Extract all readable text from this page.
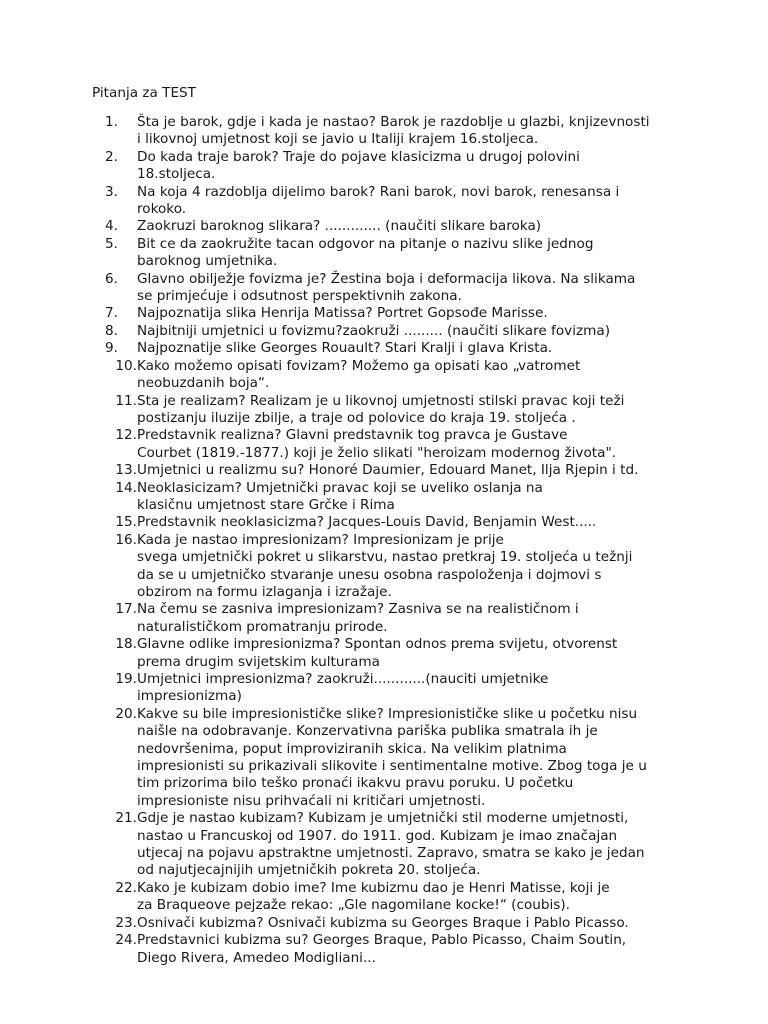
Pitanja za TEST
1.	Šta je barok, gdje i kada je nastao? Barok je razdoblje u glazbi, knjizevnosti
i likovnoj umjetnost koji se javio u Italiji krajem 16.stoljeca.
2.	Do kada traje barok? Traje do pojave klasicizma u drugoj polovini
18.stoljeca.
3.	Na koja 4 razdoblja dijelimo barok? Rani barok, novi barok, renesansa i
rokoko.
4.	Zaokruzi baroknog slikara? ............. (naučiti slikare baroka)
5.	Bit ce da zaokružite tacan odgovor na pitanje o nazivu slike jednog
baroknog umjetnika.
6.	Glavno obilježje fovizma je? Žestina boja i deformacija likova. Na slikama
se primjećuje i odsutnost perspektivnih zakona.
7.	Najpoznatija slika Henrija Matissa? Portret Gopsođe Marisse.
8.	Najbitniji umjetnici u fovizmu?zaokruži ......... (naučiti slikare fovizma)
9.	Najpoznatije slike Georges Rouault? Stari Kralji i glava Krista.
10. Kako možemo opisati fovizam? Možemo ga opisati kao „vatromet
neobuzdanih boja“.
11. Sta je realizam? Realizam je u likovnoj umjetnosti stilski pravac koji teži
postizanju iluzije zbilje, a traje od polovice do kraja 19. stoljeća .
12. Predstavnik realizna? Glavni predstavnik tog pravca je Gustave
Courbet (1819.-1877.) koji je želio slikati "heroizam modernog života".
13. Umjetnici u realizmu su? Honoré Daumier, Edouard Manet, Ilja Rjepin i td.
14. Neoklasicizam? Umjetnički pravac koji se uveliko oslanja na
klasičnu umjetnost stare Grčke i Rima
15. Predstavnik neoklasicizma? Jacques-Louis David, Benjamin West.....
16. Kada je nastao impresionizam? Impresionizam je prije
svega umjetnički pokret u slikarstvu, nastao pretkraj 19. stoljeća u težnji
da se u umjetničko stvaranje unesu osobna raspoloženja i dojmovi s
obzirom na formu izlaganja i izražaje.
17. Na čemu se zasniva impresionizam? Zasniva se na realističnom i
naturalističkom promatranju prirode.
18. Glavne odlike impresionizma? Spontan odnos prema svijetu, otvorenst
prema drugim svijetskim kulturama
19. Umjetnici impresionizma? zaokruži............(nauciti umjetnike
impresionizma)
20. Kakve su bile impresionističke slike? Impresionističke slike u početku nisu
naišle na odobravanje. Konzervativna pariška publika smatrala ih je
nedovršenima, poput improviziranih skica. Na velikim platnima
impresionisti su prikazivali slikovite i sentimentalne motive. Zbog toga je u
tim prizorima bilo teško pronaći ikakvu pravu poruku. U početku
impresioniste nisu prihvaćali ni kritičari umjetnosti.
21. Gdje je nastao kubizam? Kubizam je umjetnički stil moderne umjetnosti,
nastao u Francuskoj od 1907. do 1911. god. Kubizam je imao značajan
utjecaj na pojavu apstraktne umjetnosti. Zapravo, smatra se kako je jedan
od najutjecajnijih umjetničkih pokreta 20. stoljeća.
22. Kako je kubizam dobio ime? Ime kubizmu dao je Henri Matisse, koji je
za Braqueove pejzaže rekao: „Gle nagomilane kocke!“ (coubis).
23. Osnivači kubizma? Osnivači kubizma su Georges Braque i Pablo Picasso.
24. Predstavnici kubizma su? Georges Braque, Pablo Picasso, Chaim Soutin,
Diego Rivera, Amedeo Modigliani...
